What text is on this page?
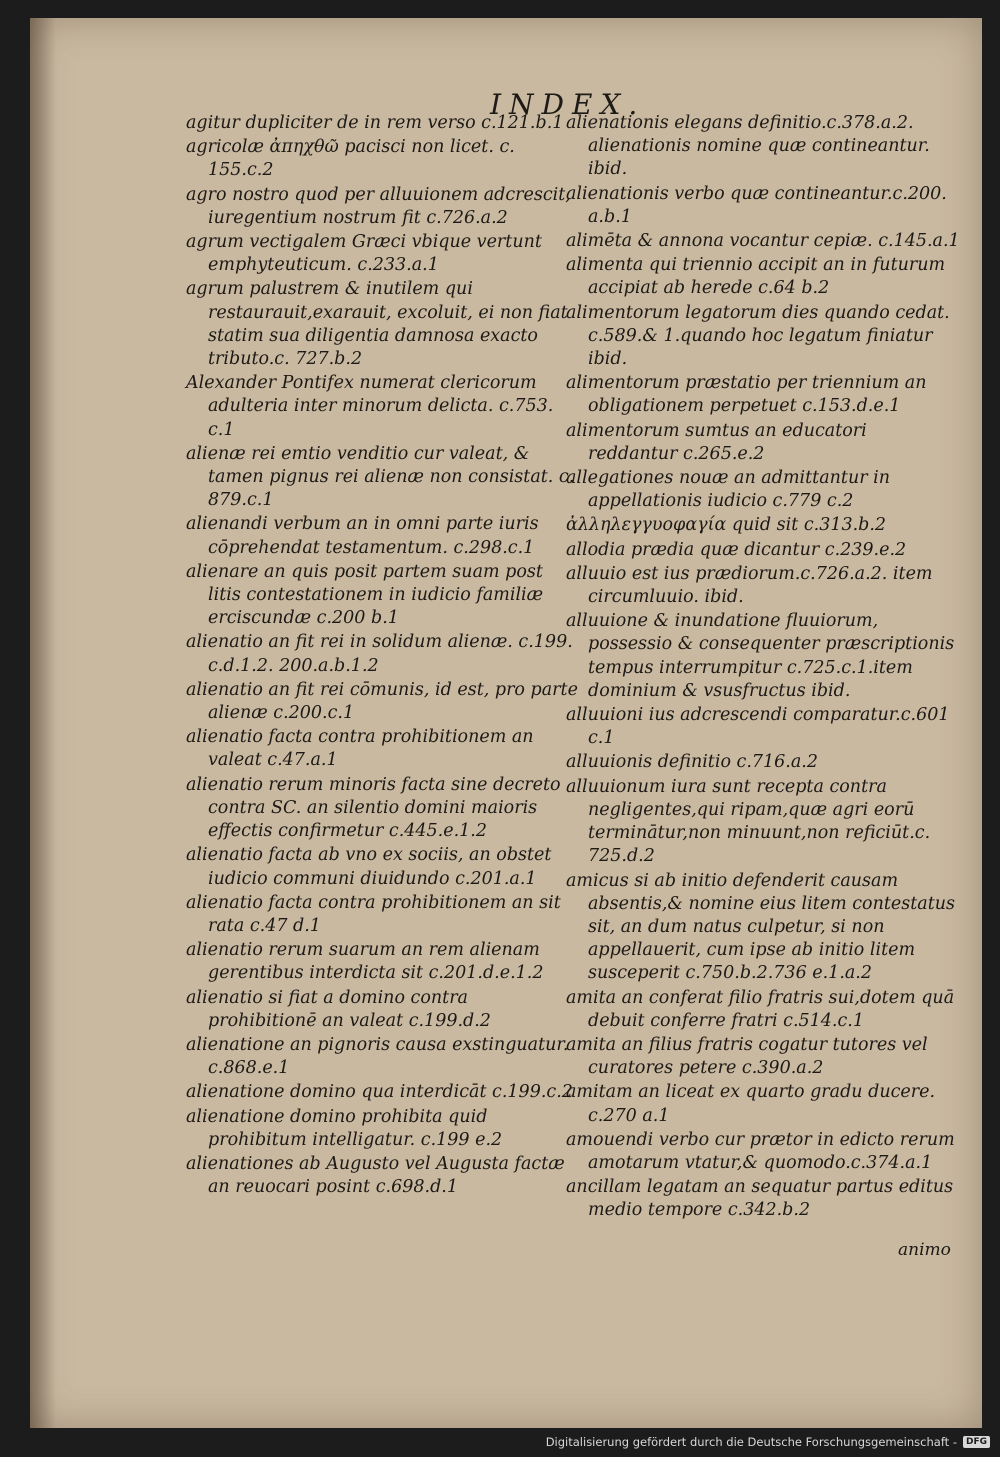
INDEX.
agitur dupliciter de in rem verso c.121.b.1
agricolæ ἀπηχθῶ pacisci non licet. c. 155.c.2
agro nostro quod per alluuionem adcrescit, iuregentium nostrum fit c.726.a.2
agrum vectigalem Græci vbique vertunt emphyteuticum. c.233.a.1
agrum palustrem & inutilem qui restaurauit,exarauit, excoluit, ei non fiat statim sua diligentia damnosa exacto tributo.c. 727.b.2
Alexander Pontifex numerat clericorum adulteria inter minorum delicta. c.753. c.1
alienæ rei emtio venditio cur valeat, & tamen pignus rei alienæ non consistat. c. 879.c.1
alienandi verbum an in omni parte iuris cōprehendat testamentum. c.298.c.1
alienare an quis posit partem suam post litis contestationem in iudicio familiæ erciscundæ c.200 b.1
alienatio an fit rei in solidum alienæ. c.199. c.d.1.2. 200.a.b.1.2
alienatio an fit rei cōmunis, id est, pro parte alienæ c.200.c.1
alienatio facta contra prohibitionem an valeat c.47.a.1
alienatio rerum minoris facta sine decreto contra SC. an silentio domini maioris effectis confirmetur c.445.e.1.2
alienatio facta ab vno ex sociis, an obstet iudicio communi diuidundo c.201.a.1
alienatio facta contra prohibitionem an sit rata c.47 d.1
alienatio rerum suarum an rem alienam gerentibus interdicta sit c.201.d.e.1.2
alienatio si fiat a domino contra prohibitionē an valeat c.199.d.2
alienatione an pignoris causa exstinguatur. c.868.e.1
alienatione domino qua interdicāt c.199.c.2
alienatione domino prohibita quid prohibitum intelligatur. c.199 e.2
alienationes ab Augusto vel Augusta factæ an reuocari posint c.698.d.1
alienationis elegans definitio.c.378.a.2. alienationis nomine quæ contineantur. ibid.
alienationis verbo quæ contineantur.c.200. a.b.1
alimēta & annona vocantur cepiæ. c.145.a.1
alimenta qui triennio accipit an in futurum accipiat ab herede c.64 b.2
alimentorum legatorum dies quando cedat. c.589.& 1.quando hoc legatum finiatur ibid.
alimentorum præstatio per triennium an obligationem perpetuet c.153.d.e.1
alimentorum sumtus an educatori reddantur c.265.e.2
allegationes nouæ an admittantur in appellationis iudicio c.779 c.2
ἀλληλεγγυοφαγία quid sit c.313.b.2
allodia prædia quæ dicantur c.239.e.2
alluuio est ius prædiorum.c.726.a.2. item circumluuio. ibid.
alluuione & inundatione fluuiorum, possessio & consequenter præscriptionis tempus interrumpitur c.725.c.1.item dominium & vsusfructus ibid.
alluuioni ius adcrescendi comparatur.c.601 c.1
alluuionis definitio c.716.a.2
alluuionum iura sunt recepta contra negligentes,qui ripam,quæ agri eorū terminātur,non minuunt,non reficiūt.c. 725.d.2
amicus si ab initio defenderit causam absentis,& nomine eius litem contestatus sit, an dum natus culpetur, si non appellauerit, cum ipse ab initio litem susceperit c.750.b.2.736 e.1.a.2
amita an conferat filio fratris sui,dotem quā debuit conferre fratri c.514.c.1
amita an filius fratris cogatur tutores vel curatores petere c.390.a.2
amitam an liceat ex quarto gradu ducere. c.270 a.1
amouendi verbo cur prætor in edicto rerum amotarum vtatur,& quomodo.c.374.a.1
ancillam legatam an sequatur partus editus medio tempore c.342.b.2
animo
Digitalisierung gefördert durch die Deutsche Forschungsgemeinschaft -	DFG
